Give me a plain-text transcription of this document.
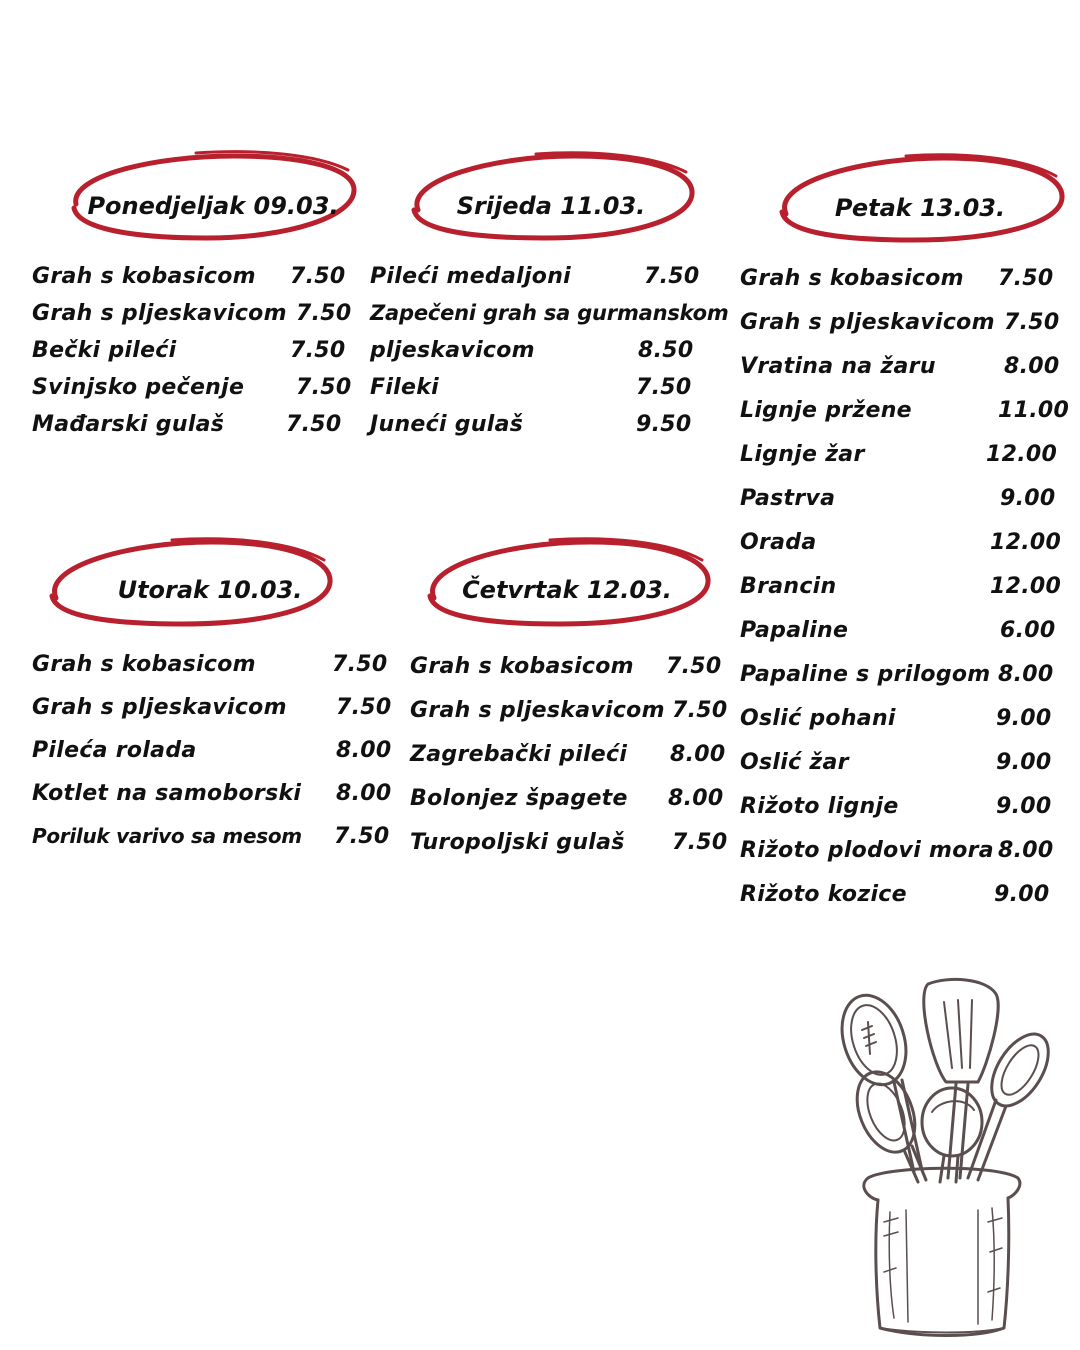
Ponedjeljak 09.03.
Grah s kobasicom 7.50
Grah s pljeskavicom 7.50
Bečki pileći	7.50
Svinjsko pečenje 7.50
Mađarski gulaš	7.50
Srijeda 11.03.
Pileći medaljoni	7.50
Zapečeni grah sa gurmanskom
pljeskavicom	8.50
Fileki	7.50
Juneći gulaš	9.50
Petak 13.03.
Grah s kobasicom 7.50
Grah s pljeskavicom 7.50
Vratina na žaru	8.00
Lignje pržene	11.00
Lignje žar	12.00
Pastrva	9.00
Orada	12.00
Brancin	12.00
Papaline	6.00
Papaline s prilogom 8.00
Oslić pohani	9.00
Oslić žar	9.00
Rižoto lignje	9.00
Rižoto plodovi mora 8.00
Rižoto kozice	9.00
Utorak 10.03.
Grah s kobasicom	7.50
Grah s pljeskavicom 7.50
Pileća rolada	8.00
Kotlet na samoborski 8.00
Poriluk varivo sa mesom 7.50
Četvrtak 12.03.
Grah s kobasicom 7.50
Grah s pljeskavicom 7.50
Zagrebački pileći 8.00
Bolonjez špagete 8.00
Turopoljski gulaš 7.50
